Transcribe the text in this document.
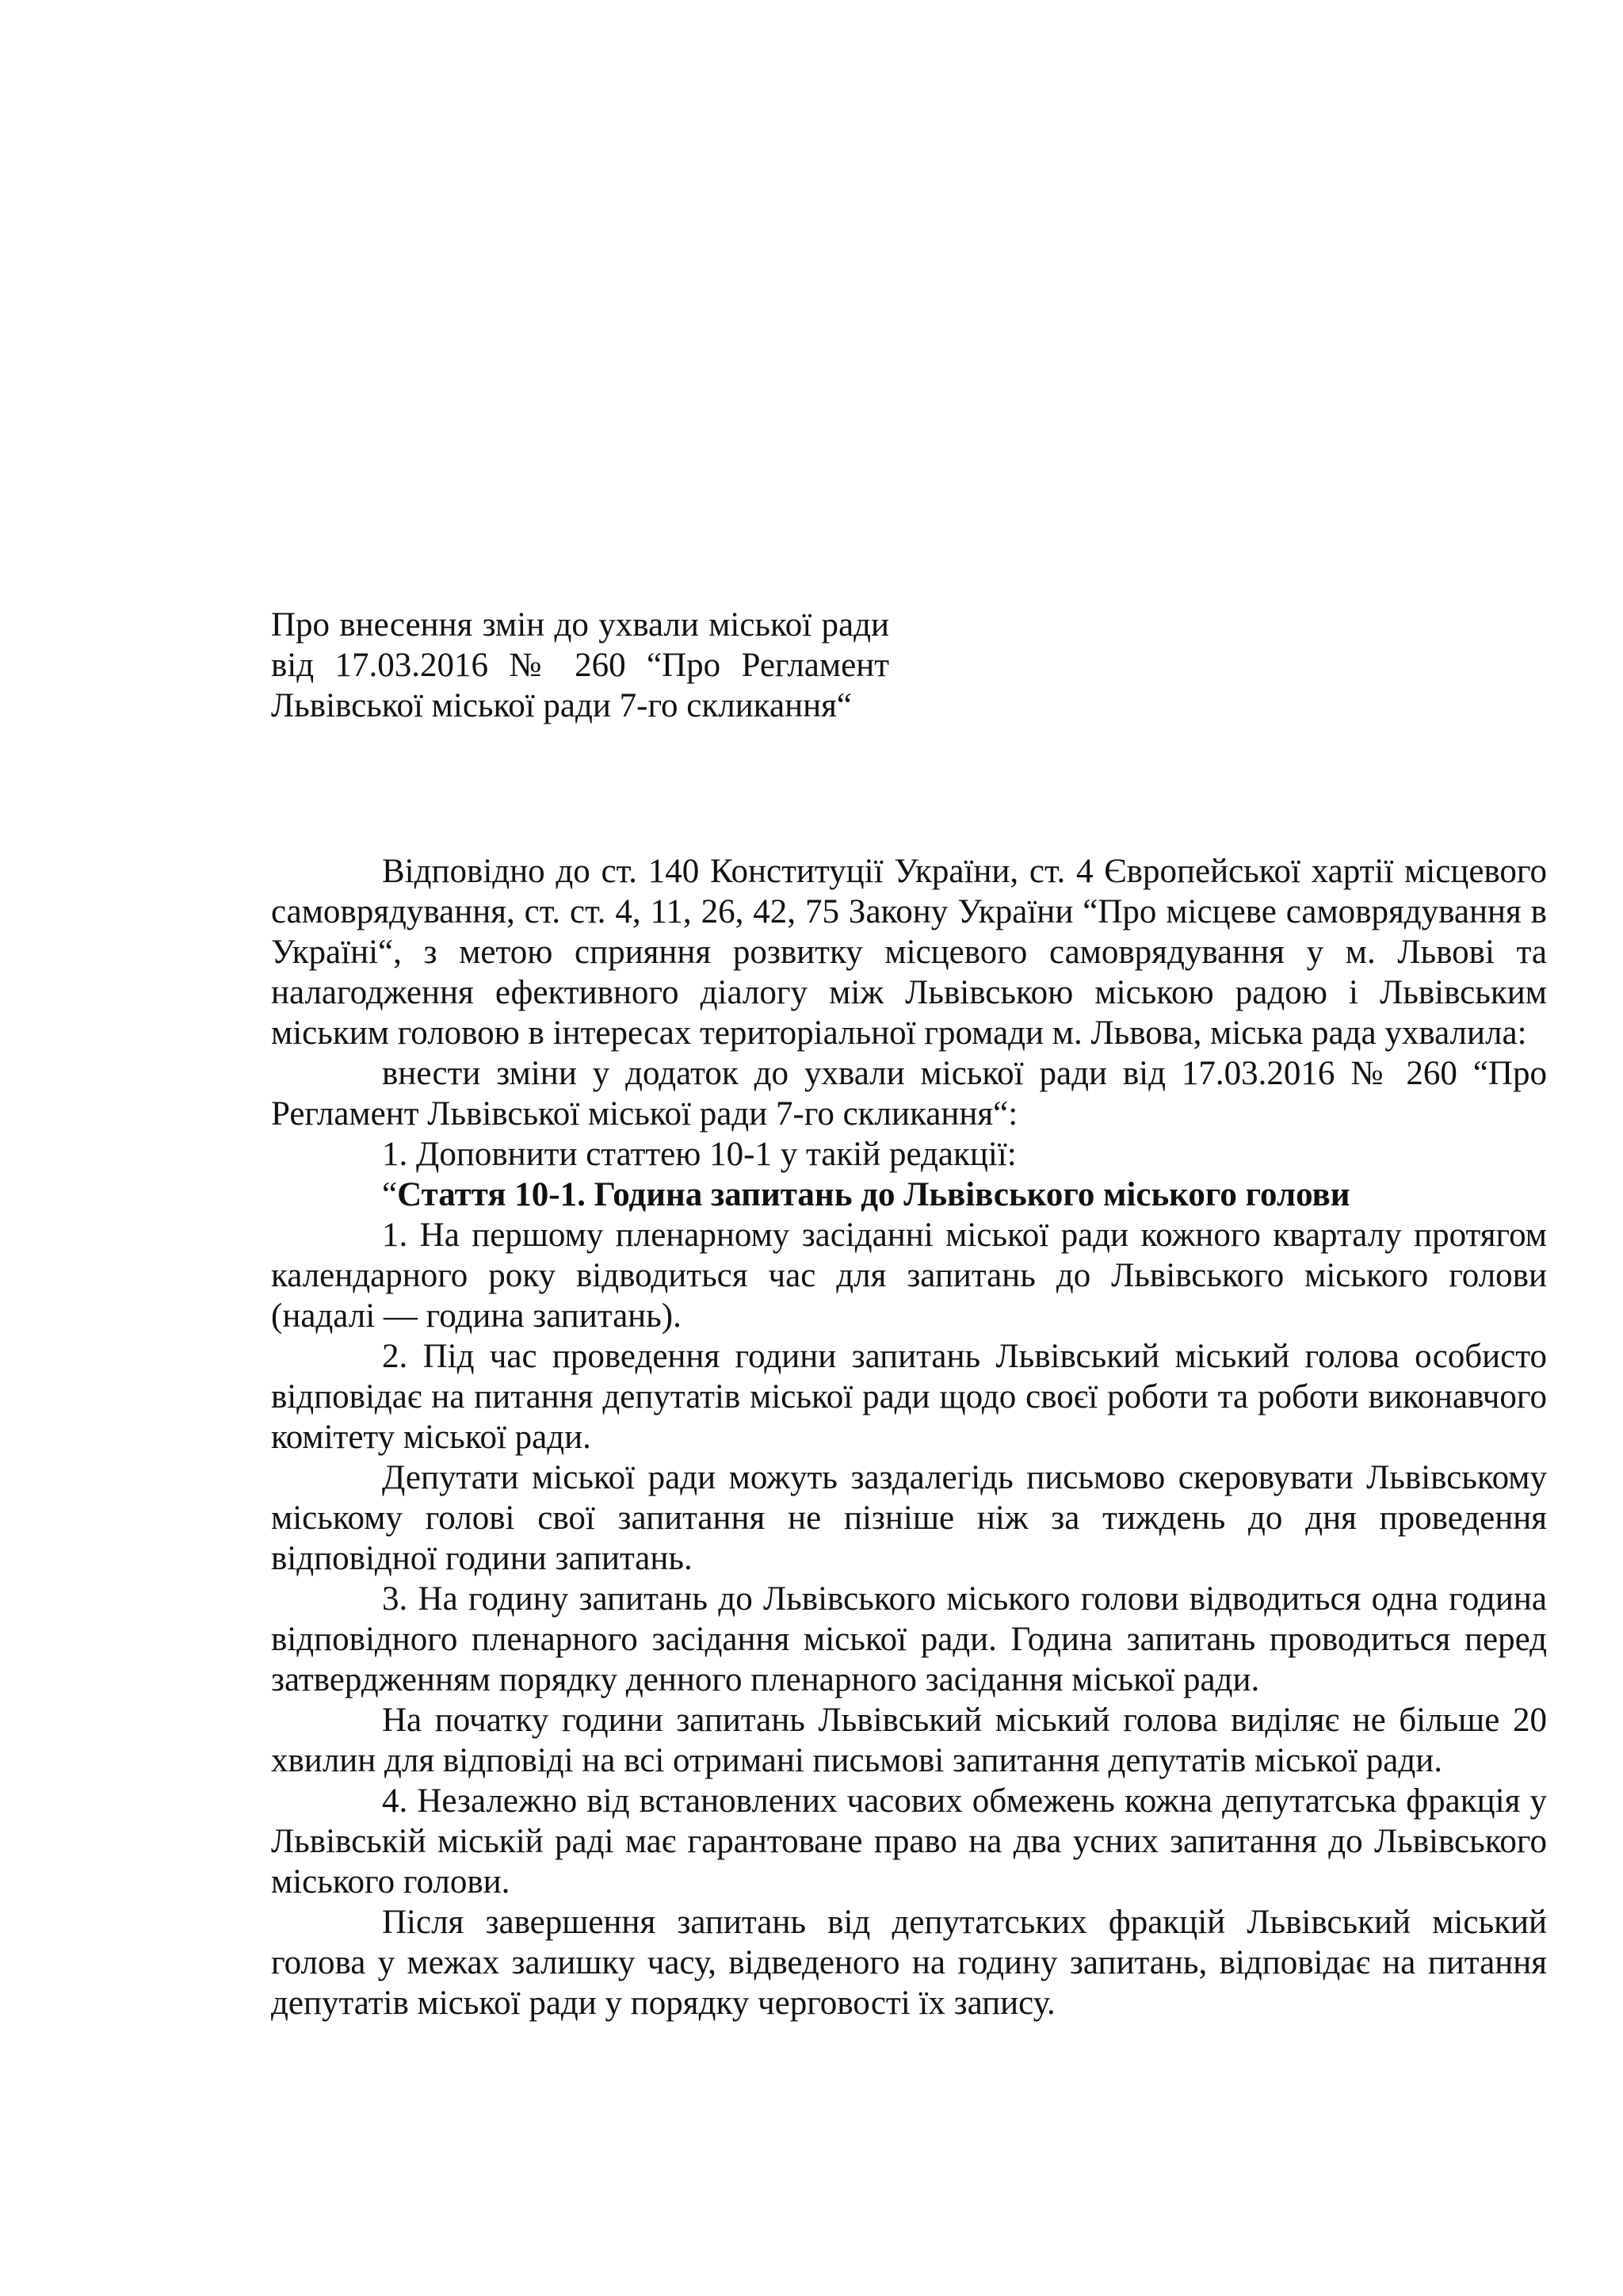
Про внесення змін до ухвали міської ради від 17.03.2016 № 260 “Про Регламент Львівської міської ради 7-го скликання“

Відповідно до ст. 140 Конституції України, ст. 4 Європейської хартії місцевого самоврядування, ст. ст. 4, 11, 26, 42, 75 Закону України “Про місцеве самоврядування в Україні“, з метою сприяння розвитку місцевого самоврядування у м. Львові та налагодження ефективного діалогу між Львівською міською радою і Львівським міським головою в інтересах територіальної громади м. Львова, міська рада ухвалила:

внести зміни у додаток до ухвали міської ради від 17.03.2016 № 260 “Про Регламент Львівської міської ради 7-го скликання“:

1. Доповнити статтею 10-1 у такій редакції:

“Стаття 10-1. Година запитань до Львівського міського голови

1. На першому пленарному засіданні міської ради кожного кварталу протягом календарного року відводиться час для запитань до Львівського міського голови (надалі — година запитань).

2. Під час проведення години запитань Львівський міський голова особисто відповідає на питання депутатів міської ради щодо своєї роботи та роботи виконавчого комітету міської ради.

Депутати міської ради можуть заздалегідь письмово скеровувати Львівському міському голові свої запитання не пізніше ніж за тиждень до дня проведення відповідної години запитань.

3. На годину запитань до Львівського міського голови відводиться одна година відповідного пленарного засідання міської ради. Година запитань проводиться перед затвердженням порядку денного пленарного засідання міської ради.

На початку години запитань Львівський міський голова виділяє не більше 20 хвилин для відповіді на всі отримані письмові запитання депутатів міської ради.

4. Незалежно від встановлених часових обмежень кожна депутатська фракція у Львівській міській раді має гарантоване право на два усних запитання до Львівського міського голови.

Після завершення запитань від депутатських фракцій Львівський міський голова у межах залишку часу, відведеного на годину запитань, відповідає на питання депутатів міської ради у порядку черговості їх запису.
